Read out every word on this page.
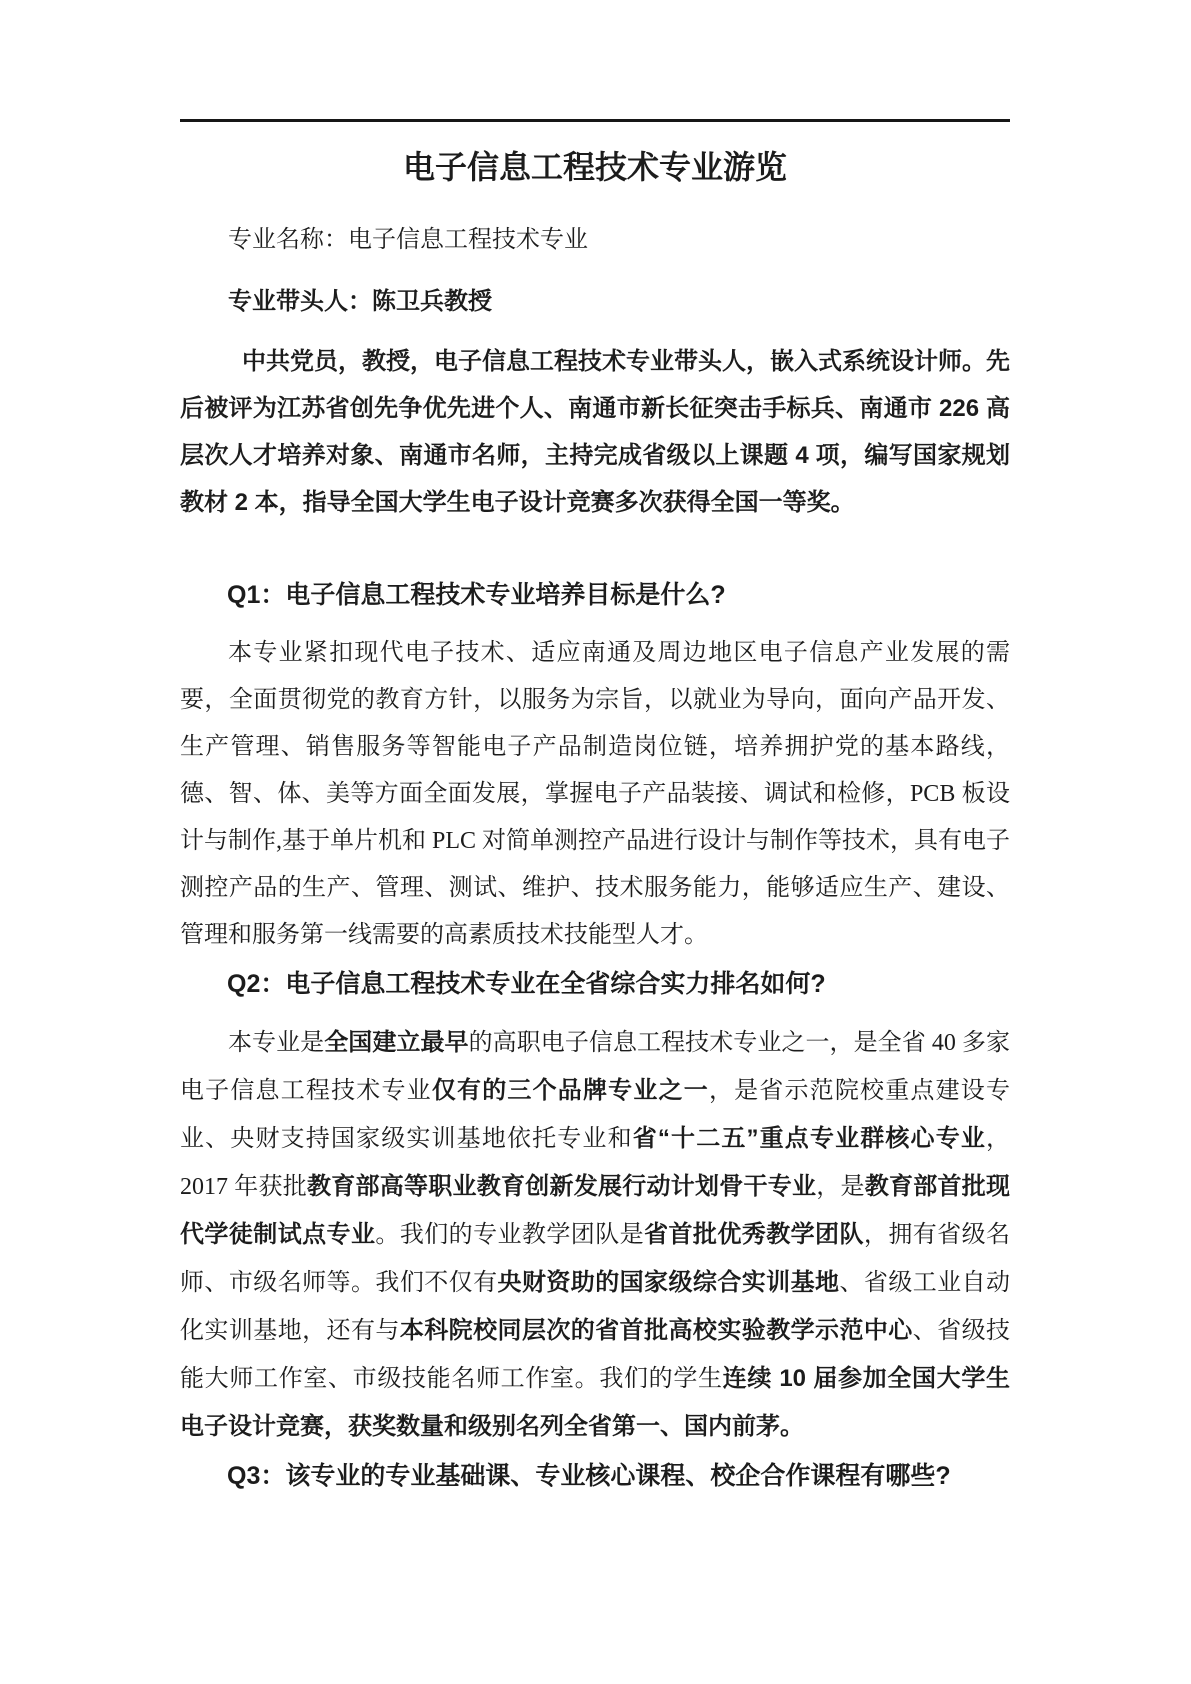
电子信息工程技术专业游览

专业名称：电子信息工程技术专业

专业带头人：陈卫兵教授

中共党员，教授，电子信息工程技术专业带头人，嵌入式系统设计师。先后被评为江苏省创先争优先进个人、南通市新长征突击手标兵、南通市 226 高层次人才培养对象、南通市名师，主持完成省级以上课题 4 项，编写国家规划教材 2 本，指导全国大学生电子设计竞赛多次获得全国一等奖。

Q1：电子信息工程技术专业培养目标是什么?

本专业紧扣现代电子技术、适应南通及周边地区电子信息产业发展的需要，全面贯彻党的教育方针，以服务为宗旨，以就业为导向，面向产品开发、生产管理、销售服务等智能电子产品制造岗位链，培养拥护党的基本路线，德、智、体、美等方面全面发展，掌握电子产品装接、调试和检修，PCB 板设计与制作,基于单片机和 PLC 对简单测控产品进行设计与制作等技术，具有电子测控产品的生产、管理、测试、维护、技术服务能力，能够适应生产、建设、管理和服务第一线需要的高素质技术技能型人才。

Q2：电子信息工程技术专业在全省综合实力排名如何?

本专业是全国建立最早的高职电子信息工程技术专业之一，是全省 40 多家电子信息工程技术专业仅有的三个品牌专业之一，是省示范院校重点建设专业、央财支持国家级实训基地依托专业和省“十二五”重点专业群核心专业，2017 年获批教育部高等职业教育创新发展行动计划骨干专业，是教育部首批现代学徒制试点专业。我们的专业教学团队是省首批优秀教学团队，拥有省级名师、市级名师等。我们不仅有央财资助的国家级综合实训基地、省级工业自动化实训基地，还有与本科院校同层次的省首批高校实验教学示范中心、省级技能大师工作室、市级技能名师工作室。我们的学生连续 10 届参加全国大学生电子设计竞赛，获奖数量和级别名列全省第一、国内前茅。

Q3：该专业的专业基础课、专业核心课程、校企合作课程有哪些?
